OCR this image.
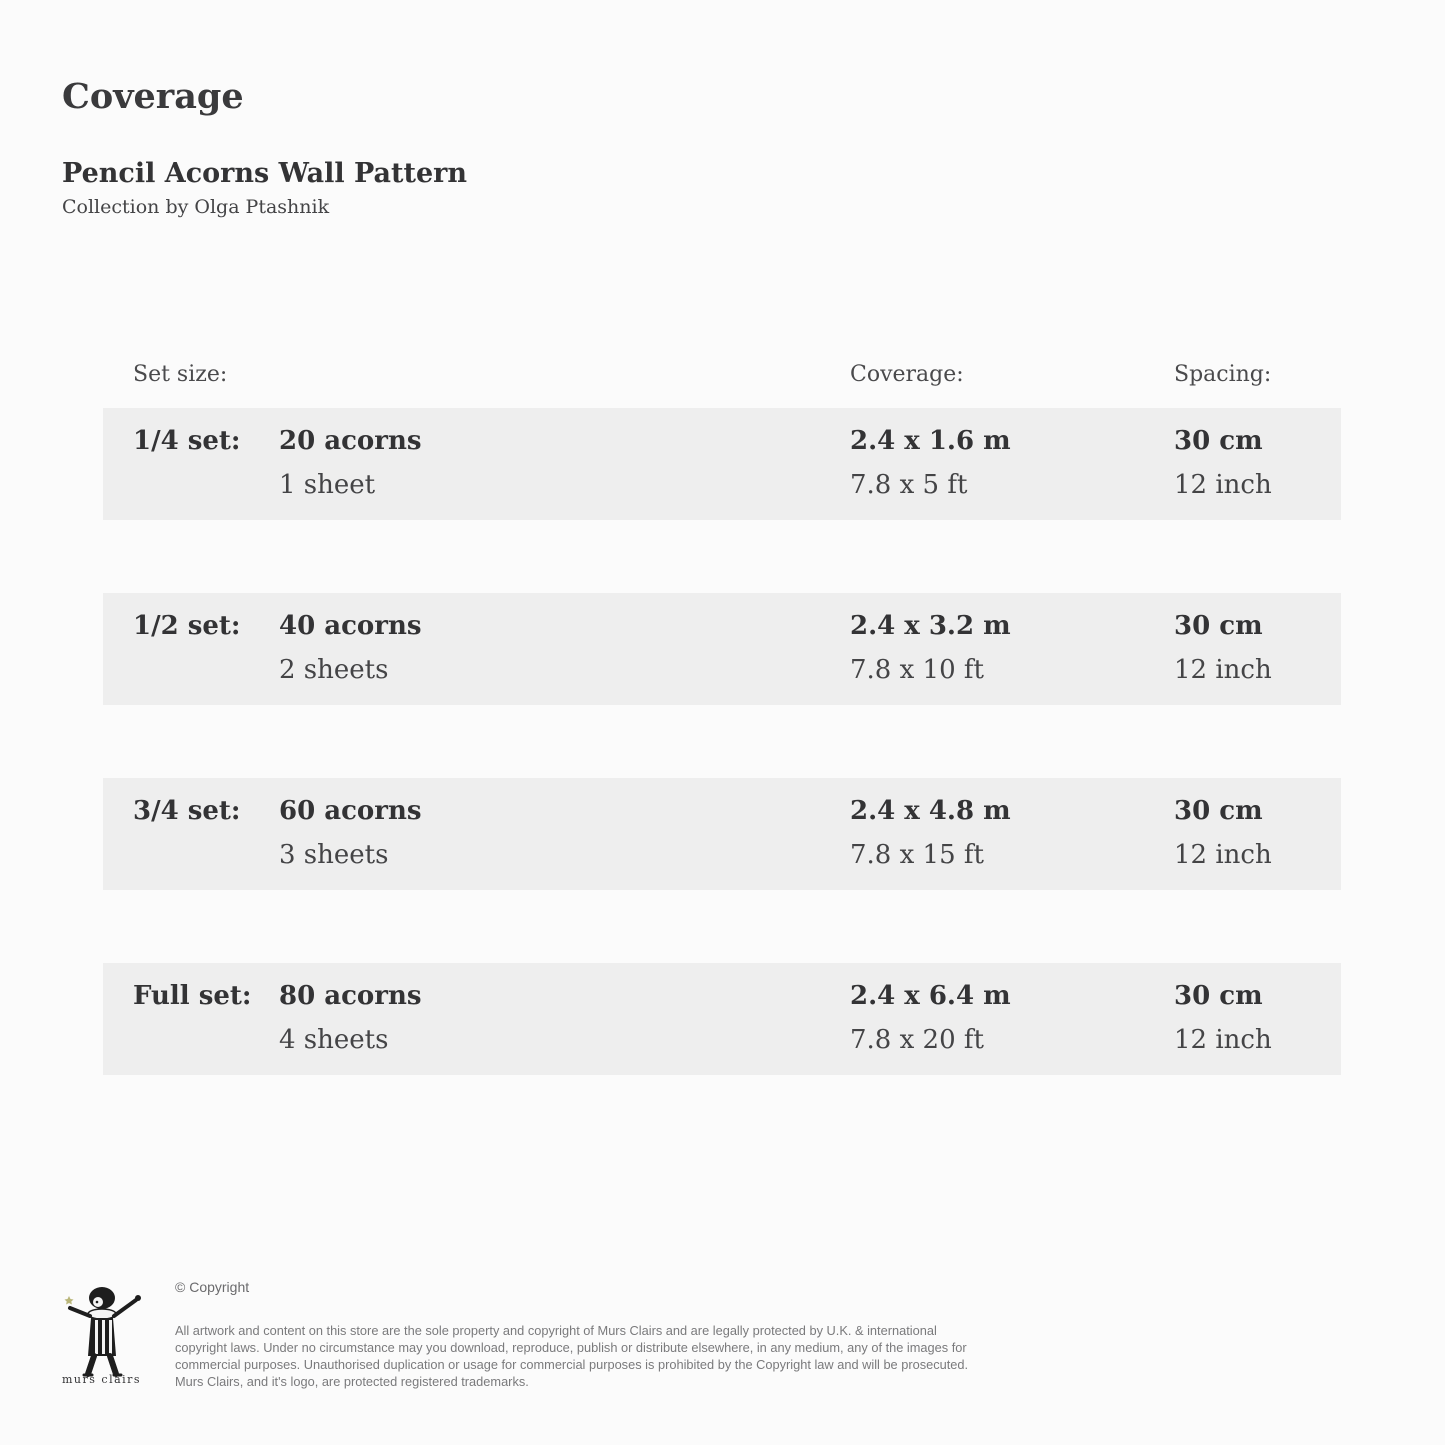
Coverage
Pencil Acorns Wall Pattern
Collection by Olga Ptashnik
Set size:	Coverage:	Spacing:
1/4 set: 20 acorns
1 sheet
2.4 x 1.6 m
7.8 x 5 ft
30 cm
12 inch
1/2 set: 40 acorns
2 sheets
2.4 x 3.2 m
7.8 x 10 ft
30 cm
12 inch
3/4 set: 60 acorns
3 sheets
2.4 x 4.8 m
7.8 x 15 ft
30 cm
12 inch
Full set: 80 acorns
4 sheets
2.4 x 6.4 m
7.8 x 20 ft
30 cm
12 inch
murs clairs
© Copyright
All artwork and content on this store are the sole property and copyright of Murs Clairs and are legally protected by U.K. & international copyright laws. Under no circumstance may you download, reproduce, publish or distribute elsewhere, in any medium, any of the images for commercial purposes. Unauthorised duplication or usage for commercial purposes is prohibited by the Copyright law and will be prosecuted. Murs Clairs, and it's logo, are protected registered trademarks.
